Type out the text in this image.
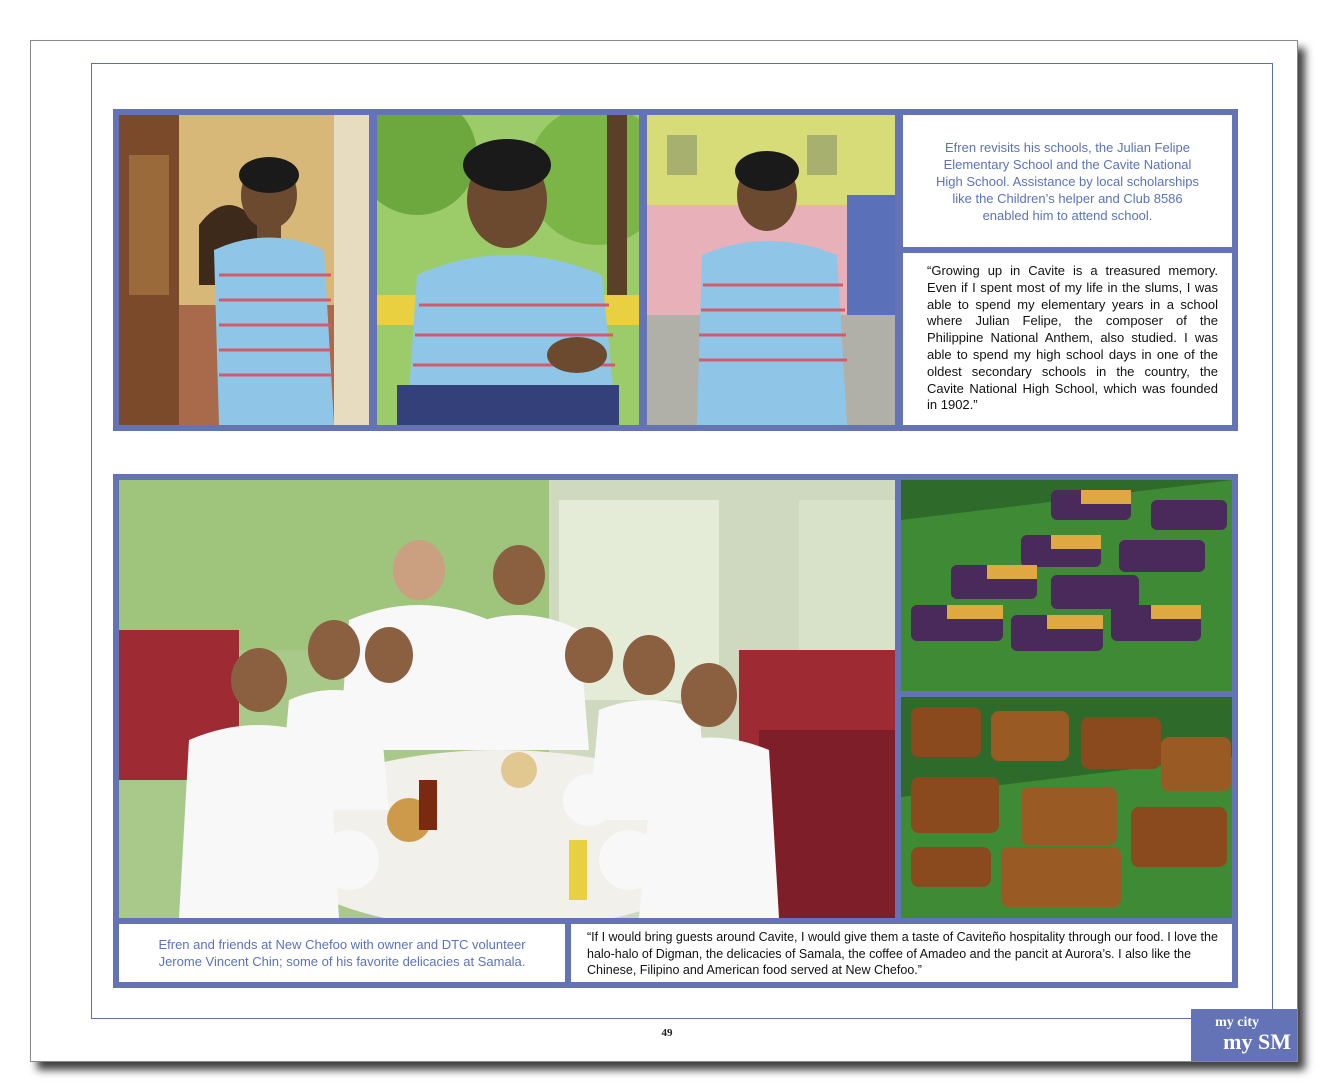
Efren revisits his schools, the Julian Felipe Elementary School and the Cavite National High School. Assistance by local scholarships like the Children’s helper and Club 8586 enabled him to attend school.
“Growing up in Cavite is a treasured memory. Even if I spent most of my life in the slums, I was able to spend my elementary years in a school where Julian Felipe, the composer of the Philippine National Anthem, also studied. I was able to spend my high school days in one of the oldest secondary schools in the country, the Cavite National High School, which was founded in 1902.”
Efren and friends at New Chefoo with owner and DTC volunteer Jerome Vincent Chin; some of his favorite delicacies at Samala.
“If I would bring guests around Cavite, I would give them a taste of Caviteño hospitality through our food. I love the halo-halo of Digman, the delicacies of Samala, the coffee of Amadeo and the pancit at Aurora’s. I also like the Chinese, Filipino and American food served at New Chefoo.”
49
my city
my SM
